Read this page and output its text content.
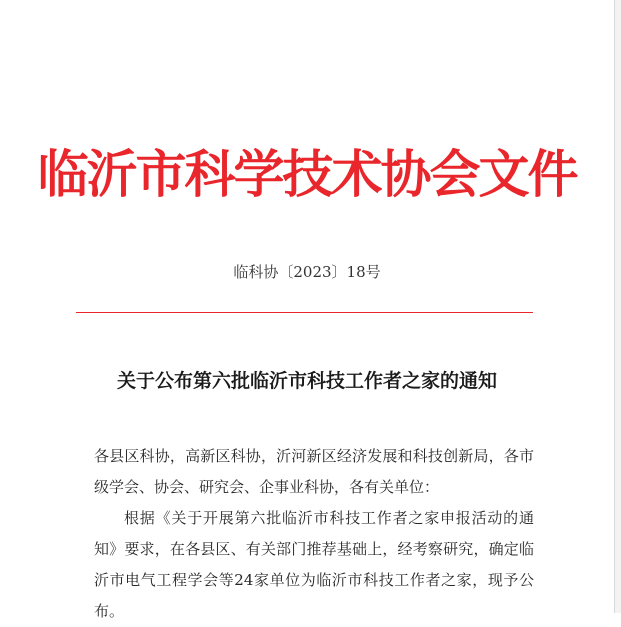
临沂市科学技术协会文件
临科协〔2023〕18号
关于公布第六批临沂市科技工作者之家的通知

各县区科协，高新区科协，沂河新区经济发展和科技创新局，各市级学会、协会、研究会、企事业科协，各有关单位：

根据《关于开展第六批临沂市科技工作者之家申报活动的通知》要求，在各县区、有关部门推荐基础上，经考察研究，确定临沂市电气工程学会等24家单位为临沂市科技工作者之家，现予公布。
